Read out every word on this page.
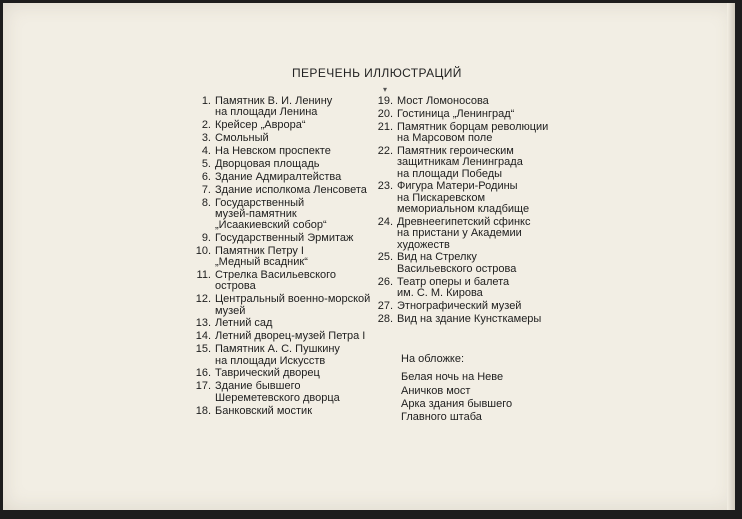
ПЕРЕЧЕНЬ ИЛЛЮСТРАЦИЙ
▾
1. Памятник В. И. Ленину
на площади Ленина
2. Крейсер „Аврора“
3. Смольный
4. На Невском проспекте
5. Дворцовая площадь
6. Здание Адмиралтейства
7. Здание исполкома Ленсовета
8. Государственный
музей-памятник
„Исаакиевский собор“
9. Государственный Эрмитаж
10. Памятник Петру I
„Медный всадник“
11. Стрелка Васильевского
острова
12. Центральный военно-морской
музей
13. Летний сад
14. Летний дворец-музей Петра I
15. Памятник А. С. Пушкину
на площади Искусств
16. Таврический дворец
17. Здание бывшего
Шереметевского дворца
18. Банковский мостик
19. Мост Ломоносова
20. Гостиница „Ленинград“
21. Памятник борцам революции
на Марсовом поле
22. Памятник героическим
защитникам Ленинграда
на площади Победы
23. Фигура Матери-Родины
на Пискаревском
мемориальном кладбище
24. Древнеегипетский сфинкс
на пристани у Академии
художеств
25. Вид на Стрелку
Васильевского острова
26. Театр оперы и балета
им. С. М. Кирова
27. Этнографический музей
28. Вид на здание Кунсткамеры
На обложке:
Белая ночь на Неве
Аничков мост
Арка здания бывшего
Главного штаба
